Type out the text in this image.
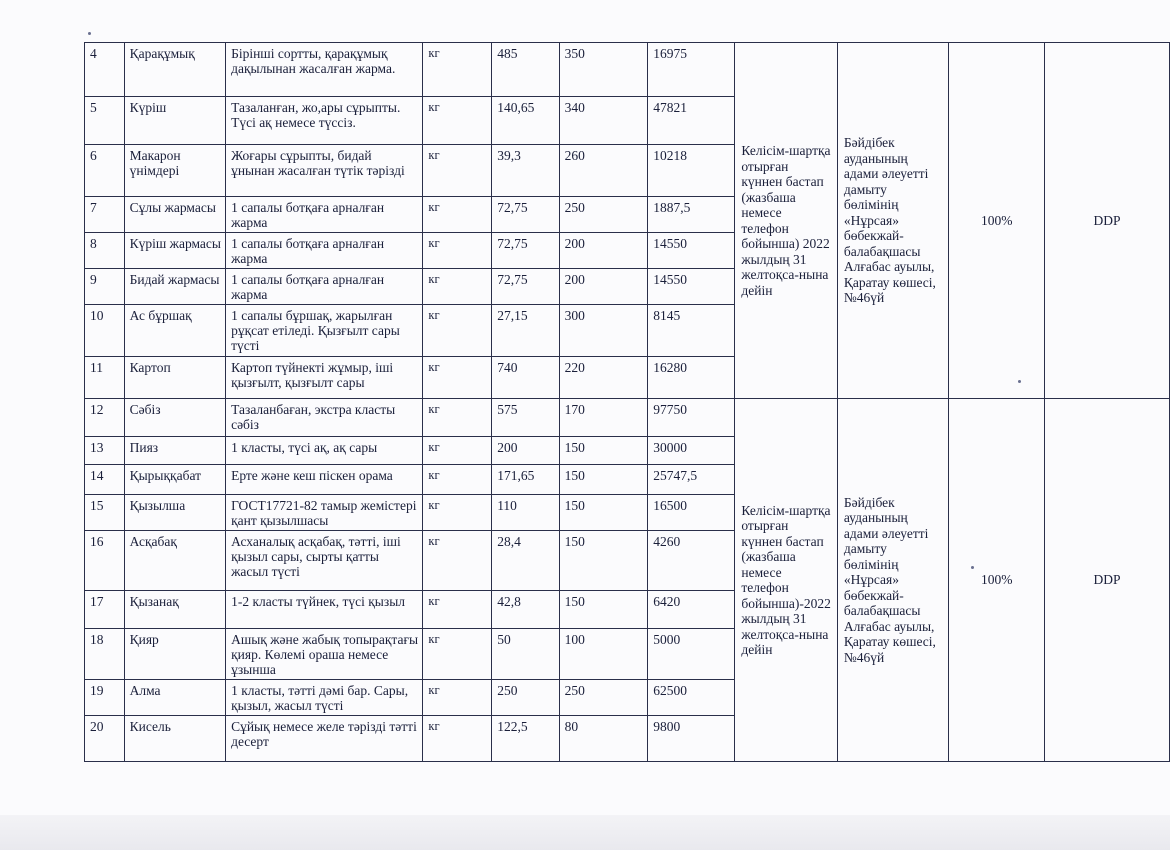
4	Қарақұмық	Бірінші сортты, қарақұмық дақылынан жасалған жарма.	кг	485	350	16975	Келісім-шартқа отырған күннен бастап (жазбаша немесе телефон бойынша) 2022 жылдың 31 желтоқса-нына дейін	Бәйдібек ауданының адами әлеуетті дамыту бөлімінің «Нұрсая» бөбекжай-балабақшасы Алғабас ауылы, Қаратау көшесі, №46үй	100%	DDP
5	Күріш	Тазаланған, жо,ары сұрыпты. Түсі ақ немесе түссіз.	кг	140,65	340	47821				
6	Макарон үнімдері	Жоғары сұрыпты, бидай ұнынан жасалған түтік тәрізді	кг	39,3	260	10218				
7	Сұлы жармасы	1 сапалы ботқаға арналған жарма	кг	72,75	250	1887,5				
8	Күріш жармасы	1 сапалы ботқаға арналған жарма	кг	72,75	200	14550				
9	Бидай жармасы	1 сапалы ботқаға арналған жарма	кг	72,75	200	14550				
10	Ас бұршақ	1 сапалы бұршақ, жарылған рұқсат етіледі. Қызғылт сары түсті	кг	27,15	300	8145				
11	Картоп	Картоп түйнекті жұмыр, іші қызғылт, қызғылт сары	кг	740	220	16280				
12	Сәбіз	Тазаланбаған, экстра класты сәбіз	кг	575	170	97750	Келісім-шартқа отырған күннен бастап (жазбаша немесе телефон бойынша)-2022 жылдың 31 желтоқса-нына дейін	Бәйдібек ауданының адами әлеуетті дамыту бөлімінің «Нұрсая» бөбекжай-балабақшасы Алғабас ауылы, Қаратау көшесі, №46үй	100%	DDP
13	Пияз	1 класты, түсі ақ, ақ сары	кг	200	150	30000				
14	Қырыққабат	Ерте және кеш піскен орама	кг	171,65	150	25747,5				
15	Қызылша	ГОСТ17721-82 тамыр жемістері қант қызылшасы	кг	110	150	16500				
16	Асқабақ	Асханалық асқабақ, тәтті, іші қызыл сары, сырты қатты жасыл түсті	кг	28,4	150	4260				
17	Қызанақ	1-2 класты түйнек, түсі қызыл	кг	42,8	150	6420				
18	Қияр	Ашық және жабық топырақтағы қияр. Көлемі ораша немесе ұзынша	кг	50	100	5000				
19	Алма	1 класты, тәтті дәмі бар. Сары, қызыл, жасыл түсті	кг	250	250	62500				
20	Кисель	Сұйық немесе желе тәрізді тәтті десерт	кг	122,5	80	9800				
